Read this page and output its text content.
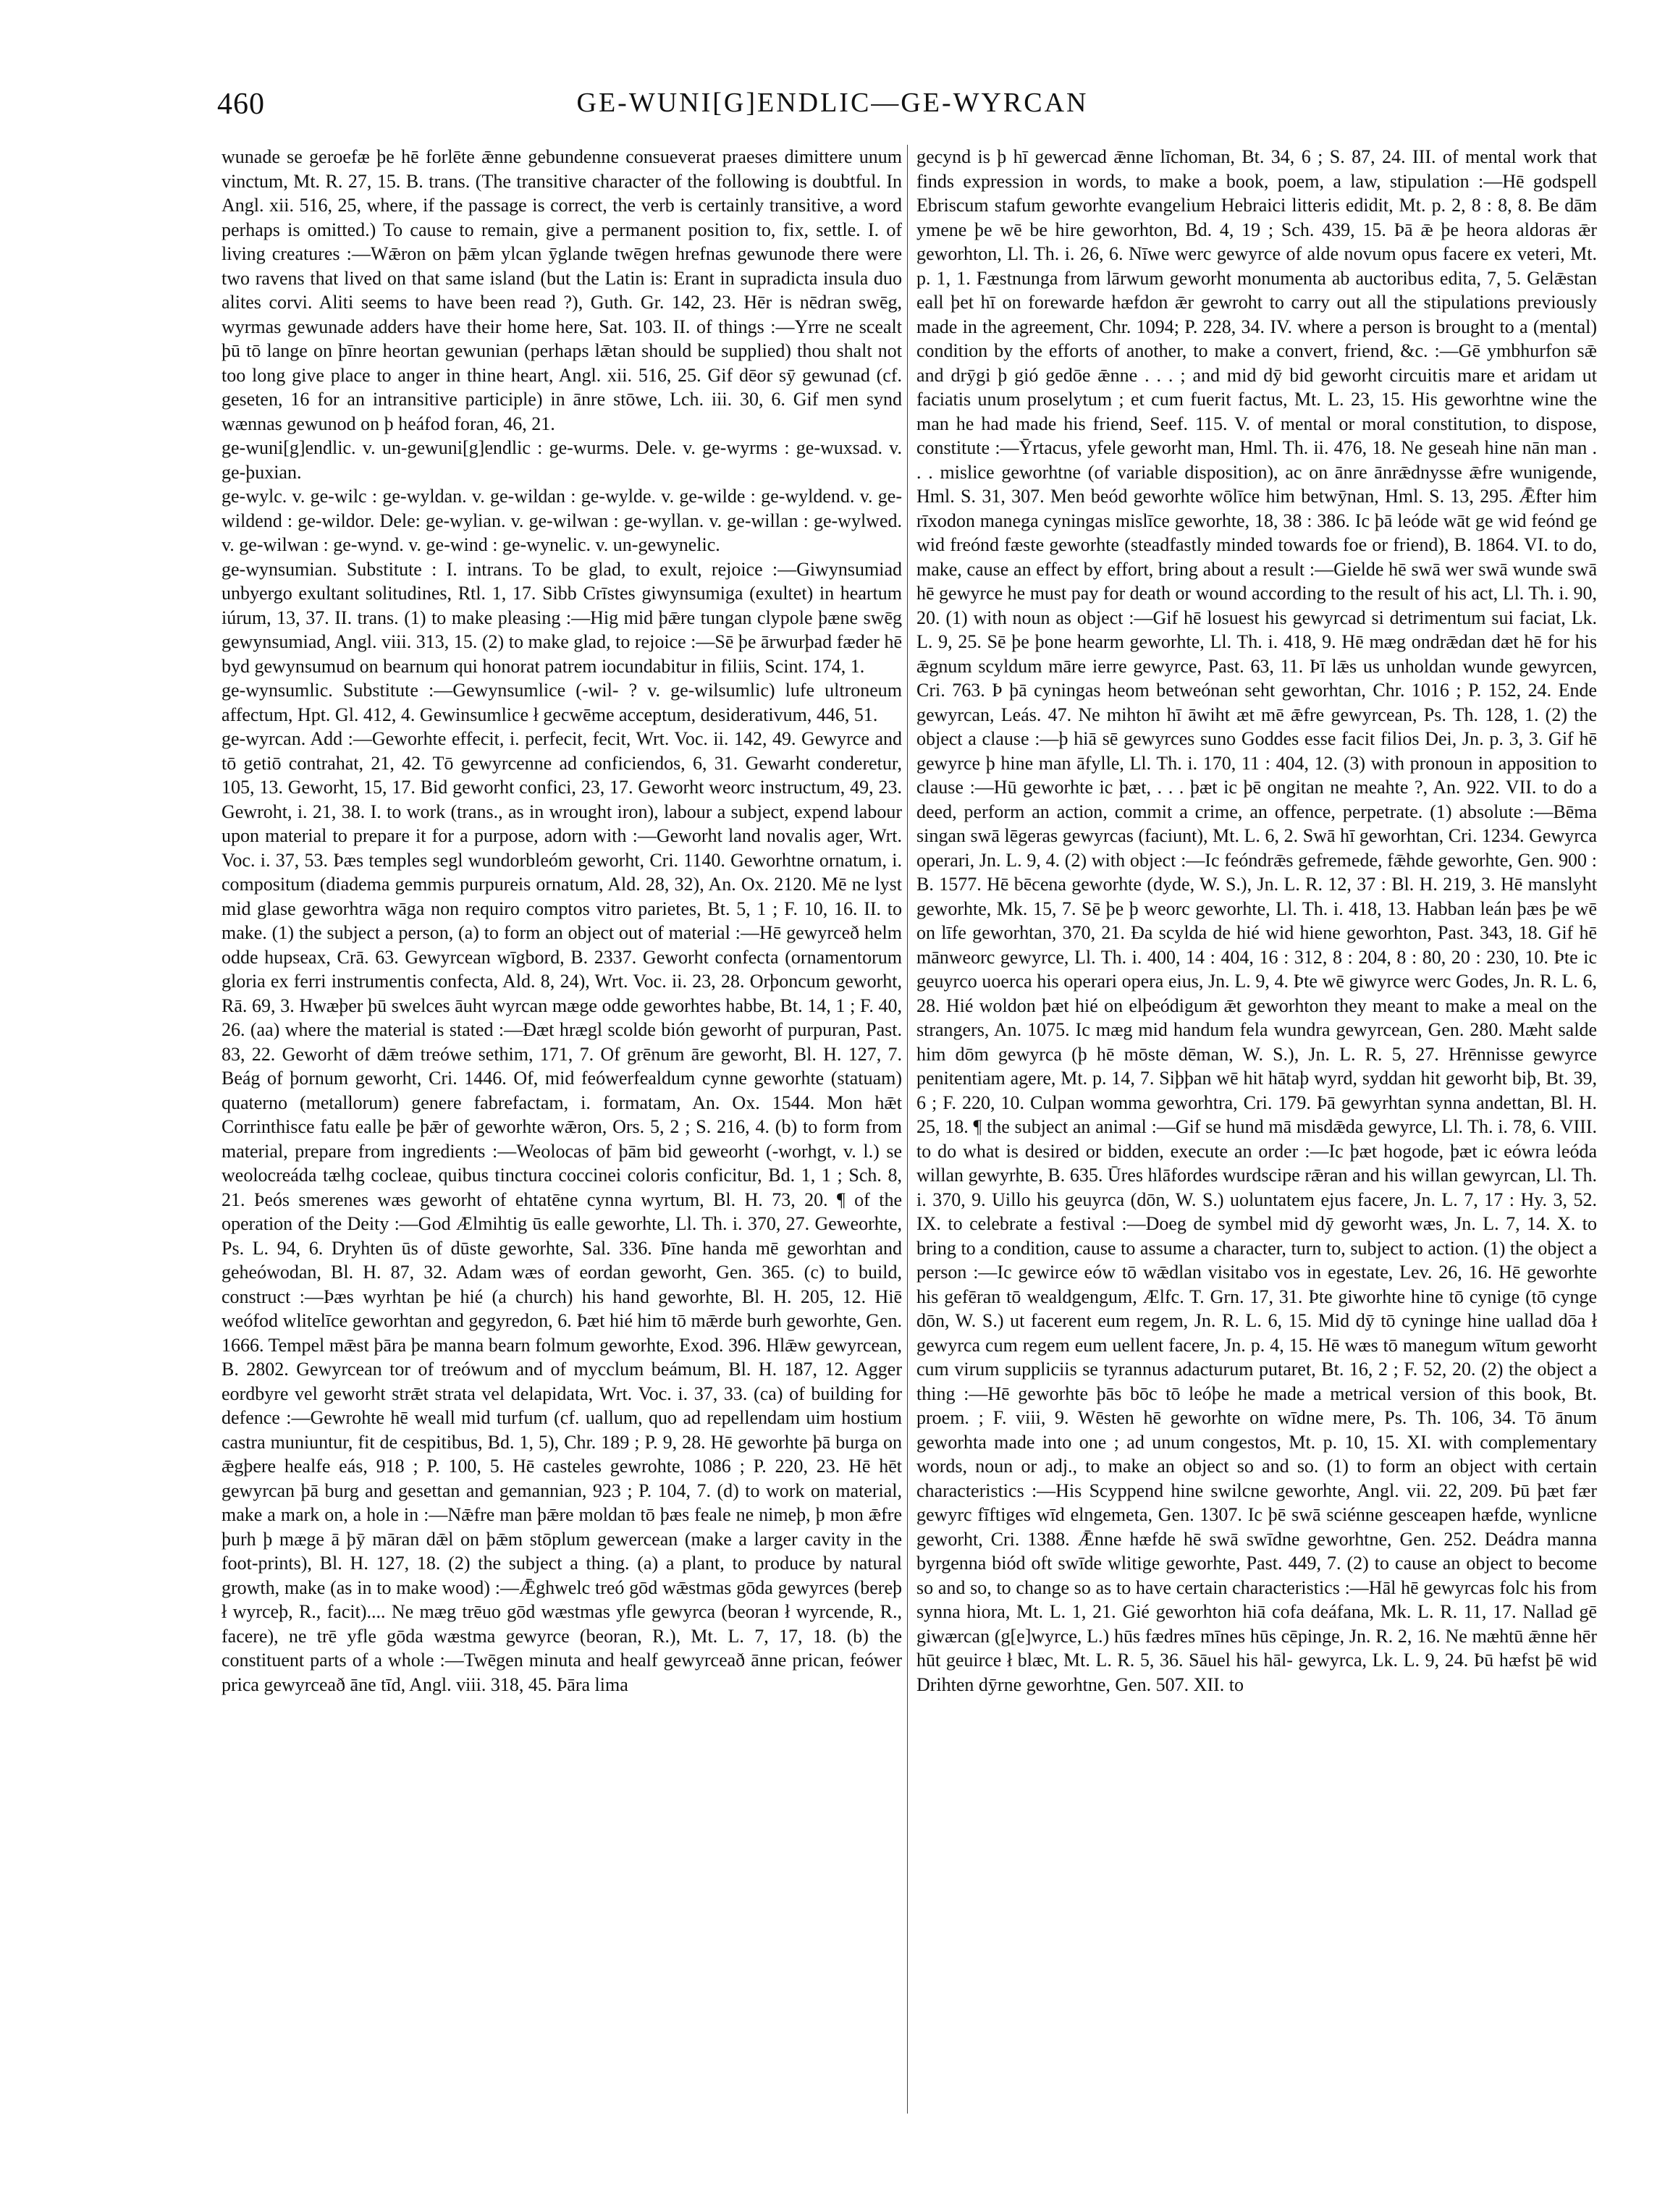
460	GE-WUNI[G]ENDLIC—GE-WYRCAN

wunade se geroefæ þe hē forlēte ǣnne gebundenne consueverat praeses dimittere unum vinctum, Mt. R. 27, 15. B. trans. (The transitive character of the following is doubtful. In Angl. xii. 516, 25, where, if the passage is correct, the verb is certainly transitive, a word perhaps is omitted.) To cause to remain, give a permanent position to, fix, settle. I. of living creatures :—Wǣron on þǣm ylcan ȳglande twēgen hrefnas gewunode there were two ravens that lived on that same island (but the Latin is: Erant in supradicta insula duo alites corvi. Aliti seems to have been read ?), Guth. Gr. 142, 23. Hēr is nēdran swēg, wyrmas gewunade adders have their home here, Sat. 103. II. of things :—Yrre ne scealt þū tō lange on þīnre heortan gewunian (perhaps lǣtan should be supplied) thou shalt not too long give place to anger in thine heart, Angl. xii. 516, 25. Gif dēor sȳ gewunad (cf. geseten, 16 for an intransitive participle) in ānre stōwe, Lch. iii. 30, 6. Gif men synd wænnas gewunod on þ heáfod foran, 46, 21.

ge-wuni[g]endlic. v. un-gewuni[g]endlic : ge-wurms. Dele. v. ge-wyrms : ge-wuxsad. v. ge-þuxian.

ge-wylc. v. ge-wilc : ge-wyldan. v. ge-wildan : ge-wylde. v. ge-wilde : ge-wyldend. v. ge-wildend : ge-wildor. Dele: ge-wylian. v. ge-wilwan : ge-wyllan. v. ge-willan : ge-wylwed. v. ge-wilwan : ge-wynd. v. ge-wind : ge-wynelic. v. un-gewynelic.

ge-wynsumian. Substitute : I. intrans. To be glad, to exult, rejoice :—Giwynsumiad unbyergo exultant solitudines, Rtl. 1, 17. Sibb Crīstes giwynsumiga (exultet) in heartum iúrum, 13, 37. II. trans. (1) to make pleasing :—Hig mid þǣre tungan clypole þæne swēg gewynsumiad, Angl. viii. 313, 15. (2) to make glad, to rejoice :—Sē þe ārwurþad fæder hē byd gewynsumud on bearnum qui honorat patrem iocundabitur in filiis, Scint. 174, 1.

ge-wynsumlic. Substitute :—Gewynsumlice (-wil- ? v. ge-wilsumlic) lufe ultroneum affectum, Hpt. Gl. 412, 4. Gewinsumlice ł gecwēme acceptum, desiderativum, 446, 51.

ge-wyrcan. Add :—Geworhte effecit, i. perfecit, fecit, Wrt. Voc. ii. 142, 49. Gewyrce and tō getiō contrahat, 21, 42. Tō gewyrcenne ad conficiendos, 6, 31. Gewarht conderetur, 105, 13. Geworht, 15, 17. Bid geworht confici, 23, 17. Geworht weorc instructum, 49, 23. Gewroht, i. 21, 38. I. to work (trans., as in wrought iron), labour a subject, expend labour upon material to prepare it for a purpose, adorn with :—Geworht land novalis ager, Wrt. Voc. i. 37, 53. Þæs temples segl wundorbleóm geworht, Cri. 1140. Geworhtne ornatum, i. compositum (diadema gemmis purpureis ornatum, Ald. 28, 32), An. Ox. 2120. Mē ne lyst mid glase geworhtra wāga non requiro comptos vitro parietes, Bt. 5, 1 ; F. 10, 16. II. to make. (1) the subject a person, (a) to form an object out of material :—Hē gewyrceð helm odde hupseax, Crā. 63. Gewyrcean wīgbord, B. 2337. Geworht confecta (ornamentorum gloria ex ferri instrumentis confecta, Ald. 8, 24), Wrt. Voc. ii. 23, 28. Orþoncum geworht, Rā. 69, 3. Hwæþer þū swelces āuht wyrcan mæge odde geworhtes habbe, Bt. 14, 1 ; F. 40, 26. (aa) where the material is stated :—Ðæt hrægl scolde bión geworht of purpuran, Past. 83, 22. Geworht of dǣm treówe sethim, 171, 7. Of grēnum āre geworht, Bl. H. 127, 7. Beág of þornum geworht, Cri. 1446. Of, mid feówerfealdum cynne geworhte (statuam) quaterno (metallorum) genere fabrefactam, i. formatam, An. Ox. 1544. Mon hǣt Corrinthisce fatu ealle þe þǣr of geworhte wǣron, Ors. 5, 2 ; S. 216, 4. (b) to form from material, prepare from ingredients :—Weolocas of þām bid geweorht (-worhgt, v. l.) se weolocreáda tælhg cocleae, quibus tinctura coccinei coloris conficitur, Bd. 1, 1 ; Sch. 8, 21. Þeós smerenes wæs geworht of ehtatēne cynna wyrtum, Bl. H. 73, 20. ¶ of the operation of the Deity :—God Ælmihtig ūs ealle geworhte, Ll. Th. i. 370, 27. Geweorhte, Ps. L. 94, 6. Dryhten ūs of dūste geworhte, Sal. 336. Þīne handa mē geworhtan and geheówodan, Bl. H. 87, 32. Adam wæs of eordan geworht, Gen. 365. (c) to build, construct :—Þæs wyrhtan þe hié (a church) his hand geworhte, Bl. H. 205, 12. Hiē weófod wlitelīce geworhtan and gegyredon, 6. Þæt hié him tō mǣrde burh geworhte, Gen. 1666. Tempel mǣst þāra þe manna bearn folmum geworhte, Exod. 396. Hlǣw gewyrcean, B. 2802. Gewyrcean tor of treówum and of mycclum beámum, Bl. H. 187, 12. Agger eordbyre vel geworht strǣt strata vel delapidata, Wrt. Voc. i. 37, 33. (ca) of building for defence :—Gewrohte hē weall mid turfum (cf. uallum, quo ad repellendam uim hostium castra muniuntur, fit de cespitibus, Bd. 1, 5), Chr. 189 ; P. 9, 28. Hē geworhte þā burga on ǣgþere healfe eás, 918 ; P. 100, 5. Hē casteles gewrohte, 1086 ; P. 220, 23. Hē hēt gewyrcan þā burg and gesettan and gemannian, 923 ; P. 104, 7. (d) to work on material, make a mark on, a hole in :—Nǣfre man þǣre moldan tō þæs feale ne nimeþ, þ mon ǣfre þurh þ mæge ā þȳ māran dǣl on þǣm stōplum gewercean (make a larger cavity in the foot-prints), Bl. H. 127, 18. (2) the subject a thing. (a) a plant, to produce by natural growth, make (as in to make wood) :—Ǣghwelc treó gōd wǣstmas gōda gewyrces (bereþ ł wyrceþ, R., facit).... Ne mæg trēuo gōd wæstmas yfle gewyrca (beoran ł wyrcende, R., facere), ne trē yfle gōda wæstma gewyrce (beoran, R.), Mt. L. 7, 17, 18. (b) the constituent parts of a whole :—Twēgen minuta and healf gewyrceað ānne prican, feówer prica gewyrceað āne tīd, Angl. viii. 318, 45. Þāra lima

gecynd is þ hī gewercad ǣnne līchoman, Bt. 34, 6 ; S. 87, 24. III. of mental work that finds expression in words, to make a book, poem, a law, stipulation :—Hē godspell Ebriscum stafum geworhte evangelium Hebraici litteris edidit, Mt. p. 2, 8 : 8, 8. Be dām ymene þe wē be hire geworhton, Bd. 4, 19 ; Sch. 439, 15. Þā ǣ þe heora aldoras ǣr geworhton, Ll. Th. i. 26, 6. Nīwe werc gewyrce of alde novum opus facere ex veteri, Mt. p. 1, 1. Fæstnunga from lārwum geworht monumenta ab auctoribus edita, 7, 5. Gelǣstan eall þet hī on forewarde hæfdon ǣr gewroht to carry out all the stipulations previously made in the agreement, Chr. 1094; P. 228, 34. IV. where a person is brought to a (mental) condition by the efforts of another, to make a convert, friend, &c. :—Gē ymbhurfon sǣ and drȳgi þ gió gedōe ǣnne . . . ; and mid dȳ bid geworht circuitis mare et aridam ut faciatis unum proselytum ; et cum fuerit factus, Mt. L. 23, 15. His geworhtne wine the man he had made his friend, Seef. 115. V. of mental or moral constitution, to dispose, constitute :—Ȳrtacus, yfele geworht man, Hml. Th. ii. 476, 18. Ne geseah hine nān man . . . mislice geworhtne (of variable disposition), ac on ānre ānrǣdnysse ǣfre wunigende, Hml. S. 31, 307. Men beód geworhte wōlīce him betwȳnan, Hml. S. 13, 295. Ǣfter him rīxodon manega cyningas mislīce geworhte, 18, 38 : 386. Ic þā leóde wāt ge wid feónd ge wid freónd fæste geworhte (steadfastly minded towards foe or friend), B. 1864. VI. to do, make, cause an effect by effort, bring about a result :—Gielde hē swā wer swā wunde swā hē gewyrce he must pay for death or wound according to the result of his act, Ll. Th. i. 90, 20. (1) with noun as object :—Gif hē losuest his gewyrcad si detrimentum sui faciat, Lk. L. 9, 25. Sē þe þone hearm geworhte, Ll. Th. i. 418, 9. Hē mæg ondrǣdan dæt hē for his ǣgnum scyldum māre ierre gewyrce, Past. 63, 11. Þī lǣs us unholdan wunde gewyrcen, Cri. 763. Þ þā cyningas heom betweónan seht geworhtan, Chr. 1016 ; P. 152, 24. Ende gewyrcan, Leás. 47. Ne mihton hī āwiht æt mē ǣfre gewyrcean, Ps. Th. 128, 1. (2) the object a clause :—þ hiā sē gewyrces suno Goddes esse facit filios Dei, Jn. p. 3, 3. Gif hē gewyrce þ hine man āfylle, Ll. Th. i. 170, 11 : 404, 12. (3) with pronoun in apposition to clause :—Hū geworhte ic þæt, . . . þæt ic þē ongitan ne meahte ?, An. 922. VII. to do a deed, perform an action, commit a crime, an offence, perpetrate. (1) absolute :—Bēma singan swā lēgeras gewyrcas (faciunt), Mt. L. 6, 2. Swā hī geworhtan, Cri. 1234. Gewyrca operari, Jn. L. 9, 4. (2) with object :—Ic feóndrǣs gefremede, fǣhde geworhte, Gen. 900 : B. 1577. Hē bēcena geworhte (dyde, W. S.), Jn. L. R. 12, 37 : Bl. H. 219, 3. Hē manslyht geworhte, Mk. 15, 7. Sē þe þ weorc geworhte, Ll. Th. i. 418, 13. Habban leán þæs þe wē on līfe geworhtan, 370, 21. Ða scylda de hié wid hiene geworhton, Past. 343, 18. Gif hē mānweorc gewyrce, Ll. Th. i. 400, 14 : 404, 16 : 312, 8 : 204, 8 : 80, 20 : 230, 10. Þte ic geuyrco uoerca his operari opera eius, Jn. L. 9, 4. Þte wē giwyrce werc Godes, Jn. R. L. 6, 28. Hié woldon þæt hié on elþeódigum ǣt geworhton they meant to make a meal on the strangers, An. 1075. Ic mæg mid handum fela wundra gewyrcean, Gen. 280. Mæht salde him dōm gewyrca (þ hē mōste dēman, W. S.), Jn. L. R. 5, 27. Hrēnnisse gewyrce penitentiam agere, Mt. p. 14, 7. Siþþan wē hit hātaþ wyrd, syddan hit geworht biþ, Bt. 39, 6 ; F. 220, 10. Culpan womma geworhtra, Cri. 179. Þā gewyrhtan synna andettan, Bl. H. 25, 18. ¶ the subject an animal :—Gif se hund mā misdǣda gewyrce, Ll. Th. i. 78, 6. VIII. to do what is desired or bidden, execute an order :—Ic þæt hogode, þæt ic eówra leóda willan gewyrhte, B. 635. Ūres hlāfordes wurdscipe rǣran and his willan gewyrcan, Ll. Th. i. 370, 9. Uillo his geuyrca (dōn, W. S.) uoluntatem ejus facere, Jn. L. 7, 17 : Hy. 3, 52. IX. to celebrate a festival :—Doeg de symbel mid dȳ geworht wæs, Jn. L. 7, 14. X. to bring to a condition, cause to assume a character, turn to, subject to action. (1) the object a person :—Ic gewirce eów tō wǣdlan visitabo vos in egestate, Lev. 26, 16. Hē geworhte his gefēran tō wealdgengum, Ælfc. T. Grn. 17, 31. Þte giworhte hine tō cynige (tō cynge dōn, W. S.) ut facerent eum regem, Jn. R. L. 6, 15. Mid dȳ tō cyninge hine uallad dōa ł gewyrca cum regem eum uellent facere, Jn. p. 4, 15. Hē wæs tō manegum wītum geworht cum virum suppliciis se tyrannus adacturum putaret, Bt. 16, 2 ; F. 52, 20. (2) the object a thing :—Hē geworhte þās bōc tō leóþe he made a metrical version of this book, Bt. proem. ; F. viii, 9. Wēsten hē geworhte on wīdne mere, Ps. Th. 106, 34. Tō ānum geworhta made into one ; ad unum congestos, Mt. p. 10, 15. XI. with complementary words, noun or adj., to make an object so and so. (1) to form an object with certain characteristics :—His Scyppend hine swilcne geworhte, Angl. vii. 22, 209. Þū þæt fær gewyrc fīftiges wīd elngemeta, Gen. 1307. Ic þē swā sciénne gesceapen hæfde, wynlicne geworht, Cri. 1388. Ǣnne hæfde hē swā swīdne geworhtne, Gen. 252. Deádra manna byrgenna biód oft swīde wlitige geworhte, Past. 449, 7. (2) to cause an object to become so and so, to change so as to have certain characteristics :—Hāl hē gewyrcas folc his from synna hiora, Mt. L. 1, 21. Gié geworhton hiā cofa deáfana, Mk. L. R. 11, 17. Nallad gē giwærcan (g[e]wyrce, L.) hūs fædres mīnes hūs cēpinge, Jn. R. 2, 16. Ne mæhtū ǣnne hēr hūt geuirce ł blæc, Mt. L. R. 5, 36. Sāuel his hāl- gewyrca, Lk. L. 9, 24. Þū hæfst þē wid Drihten dȳrne geworhtne, Gen. 507. XII. to
